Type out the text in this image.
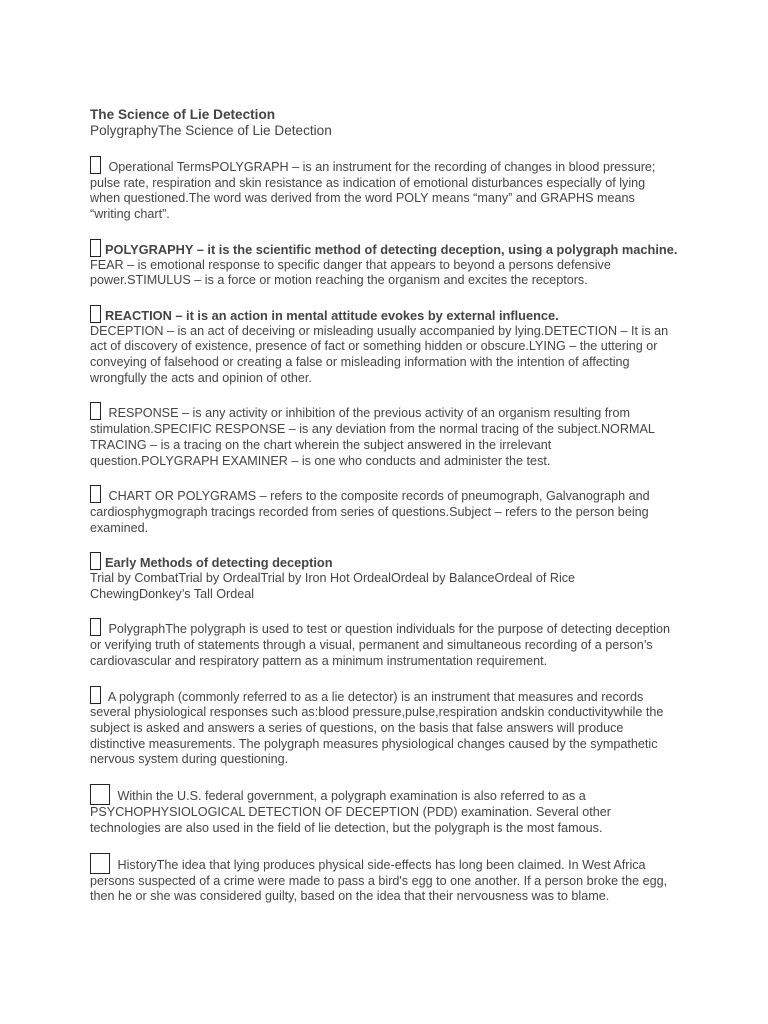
The Science of Lie Detection

PolygraphyThe Science of Lie Detection

Operational TermsPOLYGRAPH – is an instrument for the recording of changes in blood pressure; pulse rate, respiration and skin resistance as indication of emotional disturbances especially of lying when questioned.The word was derived from the word POLY means “many” and GRAPHS means “writing chart”.
POLYGRAPHY – it is the scientific method of detecting deception, using a polygraph machine.
FEAR – is emotional response to specific danger that appears to beyond a persons defensive power.STIMULUS – is a force or motion reaching the organism and excites the receptors.
REACTION – it is an action in mental attitude evokes by external influence.
DECEPTION – is an act of deceiving or misleading usually accompanied by lying.DETECTION – It is an act of discovery of existence, presence of fact or something hidden or obscure.LYING – the uttering or conveying of falsehood or creating a false or misleading information with the intention of affecting wrongfully the acts and opinion of other.
RESPONSE – is any activity or inhibition of the previous activity of an organism resulting from stimulation.SPECIFIC RESPONSE – is any deviation from the normal tracing of the subject.NORMAL TRACING – is a tracing on the chart wherein the subject answered in the irrelevant question.POLYGRAPH EXAMINER – is one who conducts and administer the test.
CHART OR POLYGRAMS – refers to the composite records of pneumograph, Galvanograph and cardiosphygmograph tracings recorded from series of questions.Subject – refers to the person being examined.
Early Methods of detecting deception
Trial by CombatTrial by OrdealTrial by Iron Hot OrdealOrdeal by BalanceOrdeal of Rice ChewingDonkey’s Tall Ordeal
PolygraphThe polygraph is used to test or question individuals for the purpose of detecting deception or verifying truth of statements through a visual, permanent and simultaneous recording of a person’s cardiovascular and respiratory pattern as a minimum instrumentation requirement.
A polygraph (commonly referred to as a lie detector) is an instrument that measures and records several physiological responses such as:blood pressure,pulse,respiration andskin conductivitywhile the subject is asked and answers a series of questions, on the basis that false answers will produce distinctive measurements. The polygraph measures physiological changes caused by the sympathetic nervous system during questioning.
Within the U.S. federal government, a polygraph examination is also referred to as a PSYCHOPHYSIOLOGICAL DETECTION OF DECEPTION (PDD) examination. Several other technologies are also used in the field of lie detection, but the polygraph is the most famous.
HistoryThe idea that lying produces physical side-effects has long been claimed. In West Africa persons suspected of a crime were made to pass a bird's egg to one another. If a person broke the egg, then he or she was considered guilty, based on the idea that their nervousness was to blame.
